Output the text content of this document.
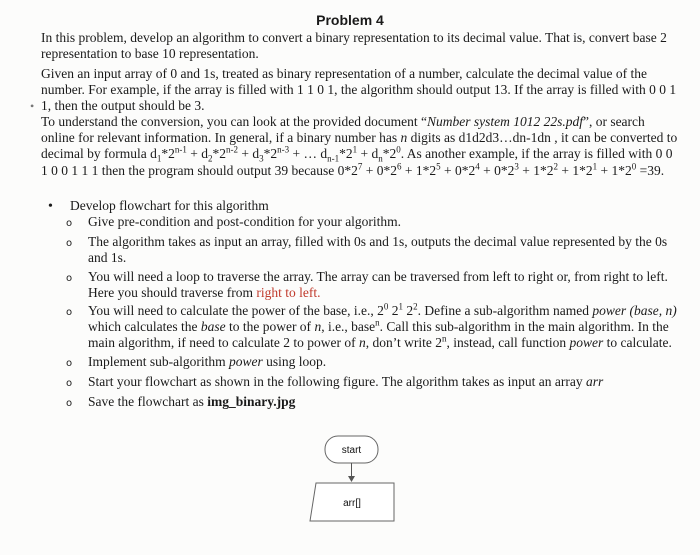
Problem 4
In this problem, develop an algorithm to convert a binary representation to its decimal value. That is, convert base 2 representation to base 10 representation.
Given an input array of 0 and 1s, treated as binary representation of a number, calculate the decimal value of the number. For example, if the array is filled with 1 1 0 1, the algorithm should output 13. If the array is filled with 0 0 1 1, then the output should be 3.
•
To understand the conversion, you can look at the provided document “Number system 1012 22s.pdf”, or search online for relevant information. In general, if a binary number has n digits as d1d2d3…dn-1dn , it can be converted to decimal by formula $d_1*2^{n-1} + d_2*2^{n-2} + d_3*2^{n-3}$ + … $d_{n-1}*2^1 + d_n*2^0$. As another example, if the array is filled with 0 0 1 0 0 1 1 1 then the program should output 39 because $0*2^7 + 0*2^6 + 1*2^5 + 0*2^4 + 0*2^3 + 1*2^2 + 1*2^1 + 1*2^0 =39$.
• Develop flowchart for this algorithm
o	Give pre-condition and post-condition for your algorithm.
o	The algorithm takes as input an array, filled with 0s and 1s, outputs the decimal value represented by the 0s and 1s.
o	You will need a loop to traverse the array. The array can be traversed from left to right or, from right to left. Here you should traverse from right to left.
o	You will need to calculate the power of the base, i.e., $2^0$ $2^1$ $2^2$. Define a sub-algorithm named power (base, n) which calculates the base to the power of n, i.e., base$^n$. Call this sub-algorithm in the main algorithm. In the main algorithm, if need to calculate 2 to power of n, don’t write 2$^n$, instead, call function power to calculate.
o	Implement sub-algorithm power using loop.
o	Start your flowchart as shown in the following figure. The algorithm takes as input an array arr
o	Save the flowchart as img_binary.jpg
start
arr[]
